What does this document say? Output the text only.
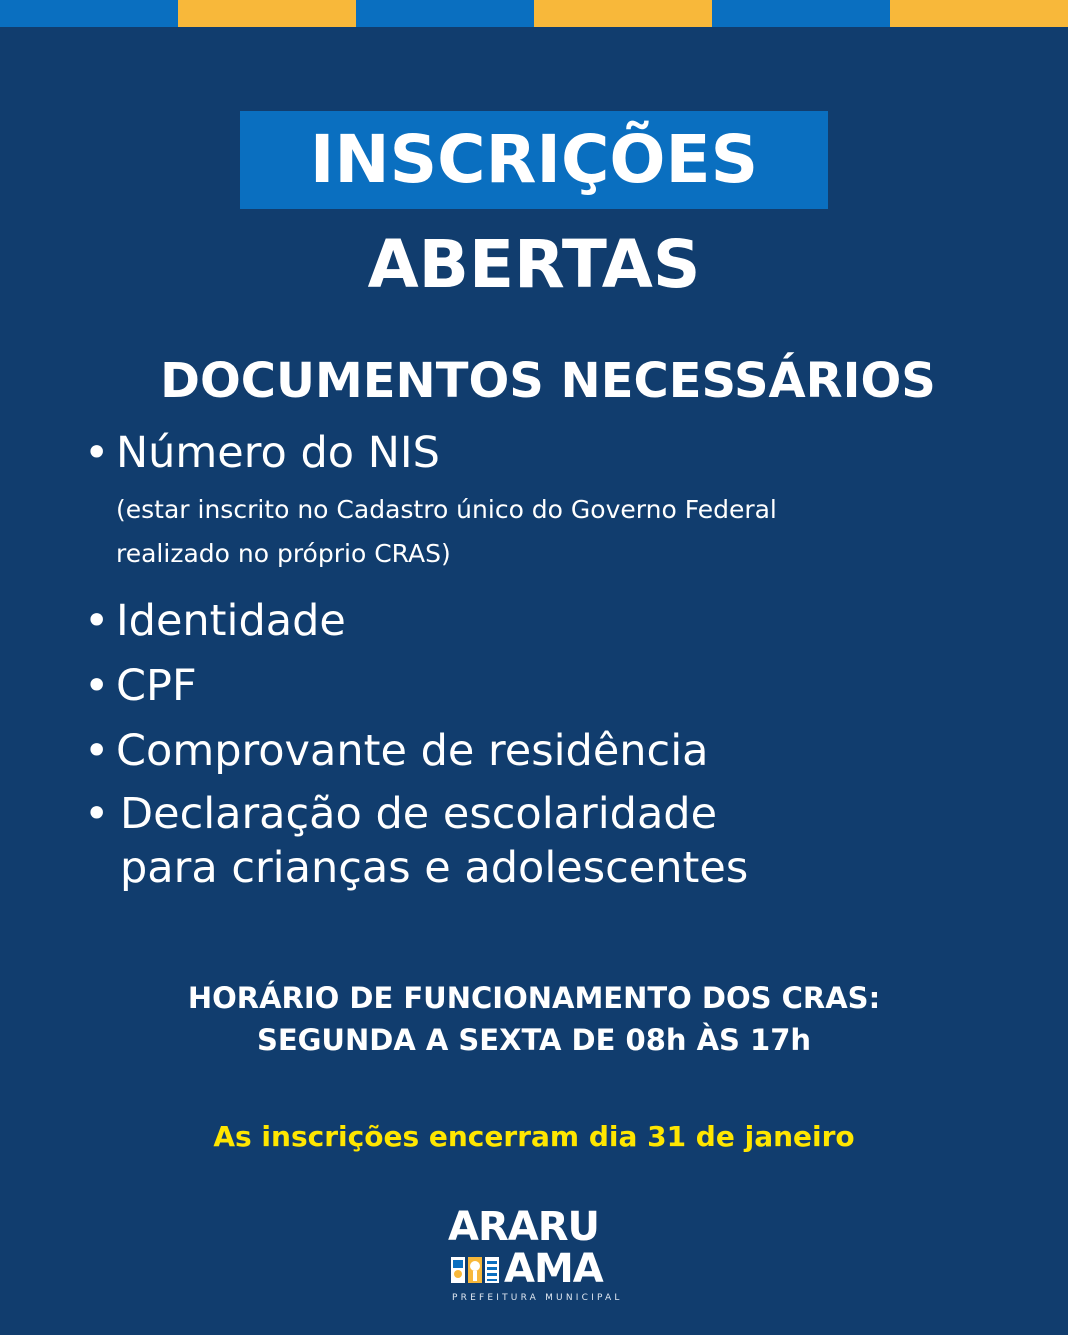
INSCRIÇÕES
ABERTAS
DOCUMENTOS NECESSÁRIOS
• Número do NIS
(estar inscrito no Cadastro único do Governo Federal
realizado no próprio CRAS)
• Identidade
• CPF
• Comprovante de residência
• Declaração de escolaridade
para crianças e adolescentes
HORÁRIO DE FUNCIONAMENTO DOS CRAS:
SEGUNDA A SEXTA DE 08h ÀS 17h
As inscrições encerram dia 31 de janeiro
ARARU
AMA
PREFEITURA MUNICIPAL
